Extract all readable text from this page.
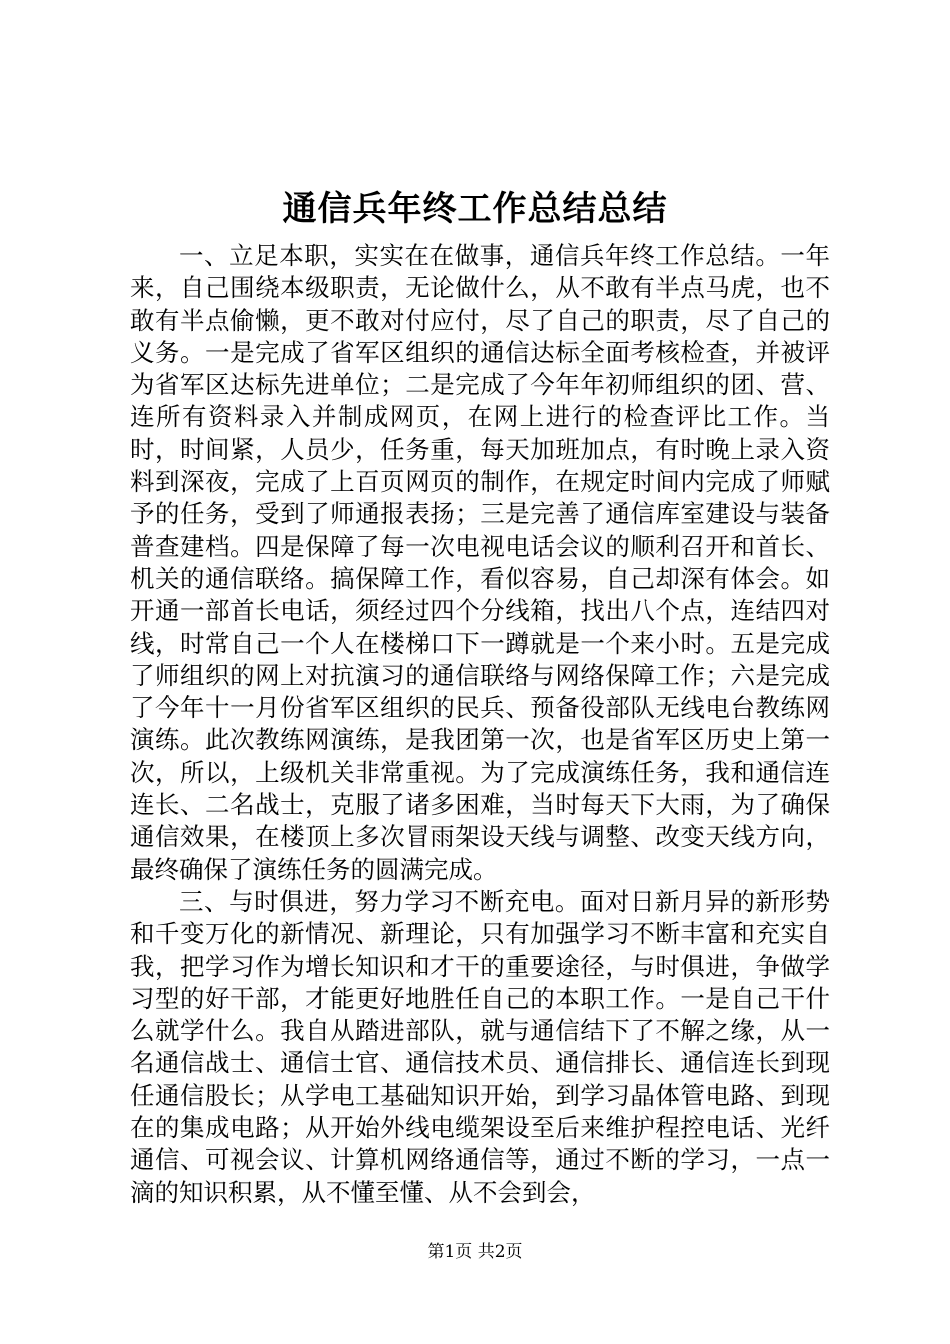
通信兵年终工作总结总结

一、立足本职，实实在在做事，通信兵年终工作总结。一年来，自己围绕本级职责，无论做什么，从不敢有半点马虎，也不敢有半点偷懒，更不敢对付应付，尽了自己的职责，尽了自己的义务。一是完成了省军区组织的通信达标全面考核检查，并被评为省军区达标先进单位；二是完成了今年年初师组织的团、营、连所有资料录入并制成网页，在网上进行的检查评比工作。当时，时间紧，人员少，任务重，每天加班加点，有时晚上录入资料到深夜，完成了上百页网页的制作，在规定时间内完成了师赋予的任务，受到了师通报表扬；三是完善了通信库室建设与装备普查建档。四是保障了每一次电视电话会议的顺利召开和首长、机关的通信联络。搞保障工作，看似容易，自己却深有体会。如开通一部首长电话，须经过四个分线箱，找出八个点，连结四对线，时常自己一个人在楼梯口下一蹲就是一个来小时。五是完成了师组织的网上对抗演习的通信联络与网络保障工作；六是完成了今年十一月份省军区组织的民兵、预备役部队无线电台教练网演练。此次教练网演练，是我团第一次，也是省军区历史上第一次，所以，上级机关非常重视。为了完成演练任务，我和通信连连长、二名战士，克服了诸多困难，当时每天下大雨，为了确保通信效果，在楼顶上多次冒雨架设天线与调整、改变天线方向，最终确保了演练任务的圆满完成。

三、与时俱进，努力学习不断充电。面对日新月异的新形势和千变万化的新情况、新理论，只有加强学习不断丰富和充实自我，把学习作为增长知识和才干的重要途径，与时俱进，争做学习型的好干部，才能更好地胜任自己的本职工作。一是自己干什么就学什么。我自从踏进部队，就与通信结下了不解之缘，从一名通信战士、通信士官、通信技术员、通信排长、通信连长到现任通信股长；从学电工基础知识开始，到学习晶体管电路、到现在的集成电路；从开始外线电缆架设至后来维护程控电话、光纤通信、可视会议、计算机网络通信等，通过不断的学习，一点一滴的知识积累，从不懂至懂、从不会到会，

第1页 共2页
